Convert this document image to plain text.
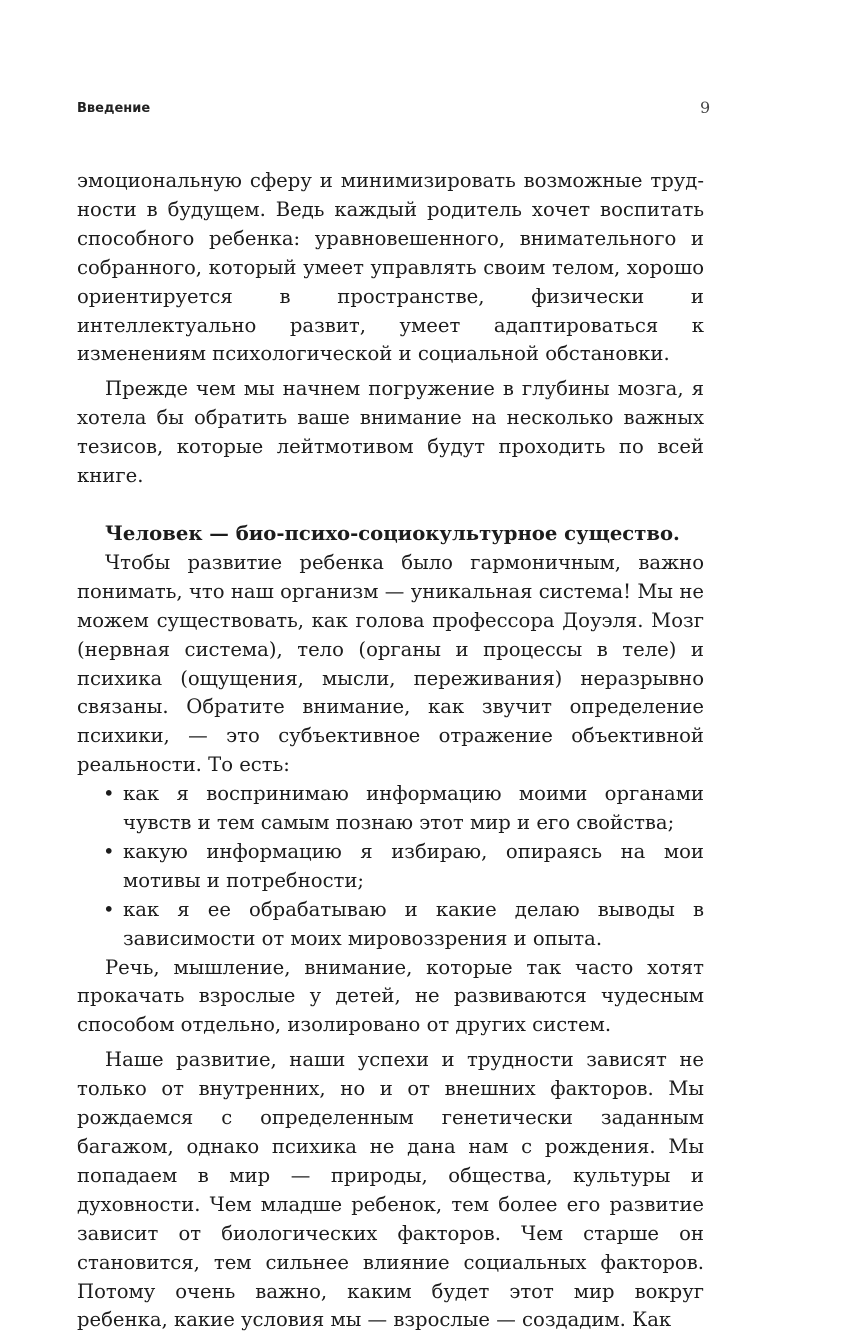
Введение	9

эмоциональную сферу и минимизировать возможные трудности в будущем. Ведь каждый родитель хочет воспитать способного ребенка: уравновешенного, внимательного и собранного, который умеет управлять своим телом, хорошо ориентируется в пространстве, физически и интеллектуально развит, умеет адаптироваться к изменениям психологической и социальной обстановки.

Прежде чем мы начнем погружение в глубины мозга, я хотела бы обратить ваше внимание на несколько важных тезисов, которые лейтмотивом будут проходить по всей книге.

Человек — био-психо-социокультурное существо.

Чтобы развитие ребенка было гармоничным, важно понимать, что наш организм — уникальная система! Мы не можем существовать, как голова профессора Доуэля. Мозг (нервная система), тело (органы и процессы в теле) и психика (ощущения, мысли, переживания) неразрывно связаны. Обратите внимание, как звучит определение психики, — это субъективное отражение объективной реальности. То есть:

• как я воспринимаю информацию моими органами чувств и тем самым познаю этот мир и его свойства;
• какую информацию я избираю, опираясь на мои мотивы и потребности;
• как я ее обрабатываю и какие делаю выводы в зависимости от моих мировоззрения и опыта.

Речь, мышление, внимание, которые так часто хотят прокачать взрослые у детей, не развиваются чудесным способом отдельно, изолировано от других систем.

Наше развитие, наши успехи и трудности зависят не только от внутренних, но и от внешних факторов. Мы рождаемся с определенным генетически заданным багажом, однако психика не дана нам с рождения. Мы попадаем в мир — природы, общества, культуры и духовности. Чем младше ребенок, тем более его развитие зависит от биологических факторов. Чем старше он становится, тем сильнее влияние социальных факторов. Потому очень важно, каким будет этот мир вокруг ребенка, какие условия мы — взрослые — создадим. Как
